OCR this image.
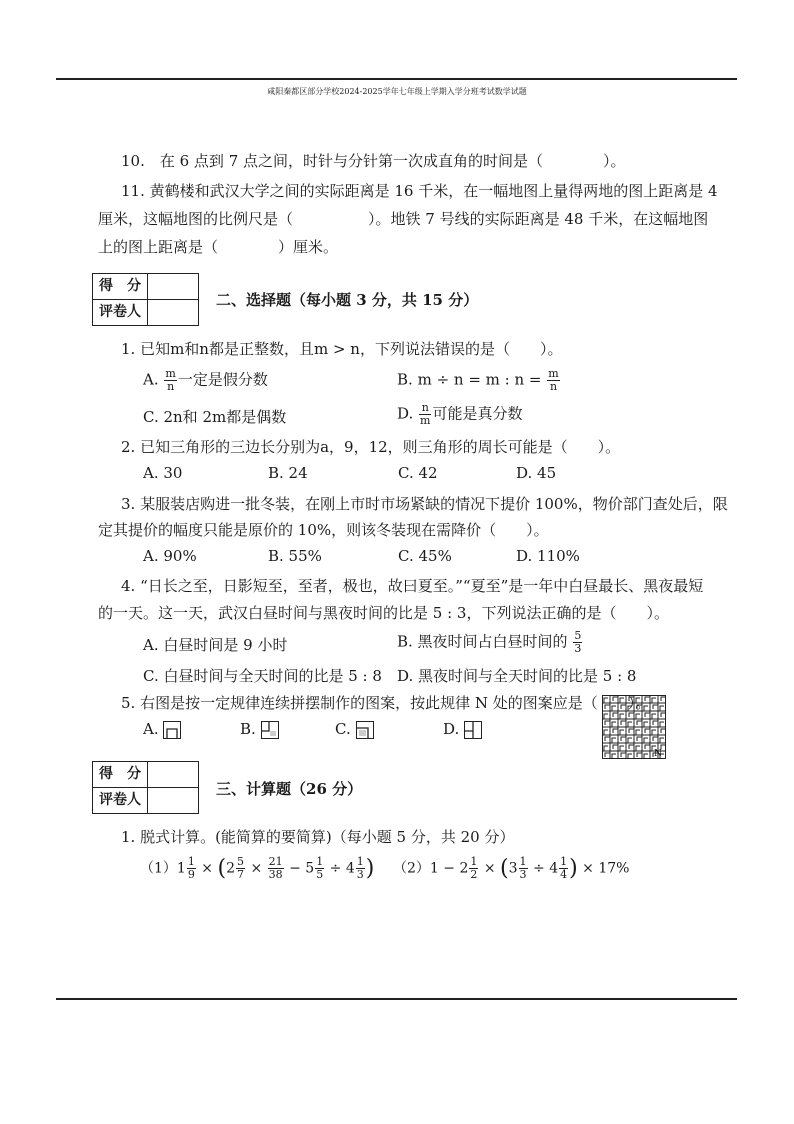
咸阳秦都区部分学校2024-2025学年七年级上学期入学分班考试数学试题
10.　在 6 点到 7 点之间，时针与分针第一次成直角的时间是（　　　　）。
11. 黄鹤楼和武汉大学之间的实际距离是 16 千米，在一幅地图上量得两地的图上距离是 4
厘米，这幅地图的比例尺是（　　　　　）。地铁 7 号线的实际距离是 48 千米，在这幅地图
上的图上距离是（　　　　）厘米。
得　分
评卷人
二、选择题（每小题 3 分，共 15 分）
1. 已知m和n都是正整数，且m > n，下列说法错误的是（　　）。
A. $\frac{m}{n}$ 一定是假分数	B. m ÷ n = m : $n = \frac{m}{n}$
C. 2n和 2m都是偶数	D. $\frac{n}{m}$ 可能是真分数
2. 已知三角形的三边长分别为a，9，12，则三角形的周长可能是（　　）。
A. 30	B. 24	C. 42	D. 45
3. 某服装店购进一批冬装，在刚上市时市场紧缺的情况下提价 100%，物价部门查处后，限
定其提价的幅度只能是原价的 10%，则该冬装现在需降价（　　）。
A. 90%	B. 55%	C. 45%	D. 110%
4. “日长之至，日影短至，至者，极也，故曰夏至。”“夏至”是一年中白昼最长、黑夜最短
的一天。这一天，武汉白昼时间与黑夜时间的比是 5 : 3，下列说法正确的是（　　）。
A. 白昼时间是 9 小时	B. 黑夜时间占白昼时间的 $\frac{5}{3}$
C. 白昼时间与全天时间的比是 5 : 8 D. 黑夜时间与全天时间的比是 5 : 8
5. 右图是按一定规律连续拼摆制作的图案，按此规律 N 处的图案应是（　　）。
A.	B.	C.	D.
N
得　分
评卷人
三、计算题（26 分）
1. 脱式计算。(能简算的要简算)（每小题 5 分，共 20 分）
$(1)1 \frac{1}{9} \times (2 \frac{5}{7} \times \frac{21}{38} - 5 \frac{1}{5} \div 4 \frac{1}{3}$ ) $(2)1 - 2 \frac{1}{2} \times (3 \frac{1}{3} \div 4 \frac{1}{4}$ ) × 17%
